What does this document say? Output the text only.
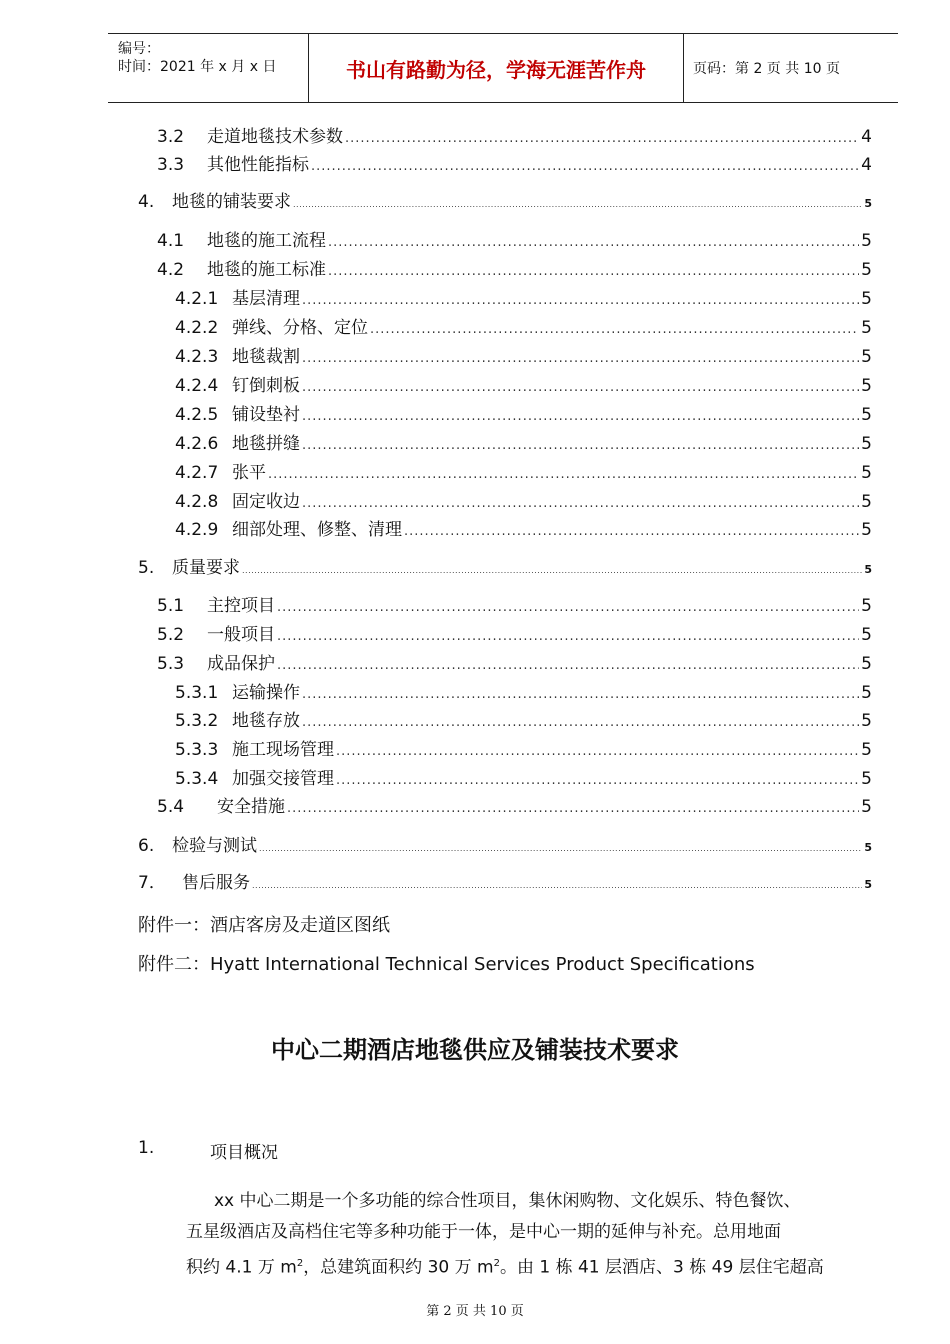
编号：
时间：2021 年 x 月 x 日	书山有路勤为径，学海无涯苦作舟	页码：第 2 页 共 10 页
3.2	走道地毯技术参数 .....	4
3.3	其他性能指标 .....	4
4.	地毯的铺装要求 .....	5
4.1	地毯的施工流程 .....	5
4.2	地毯的施工标准 .....	5
4.2.1 基层清理 .....	5
4.2.2 弹线、分格、定位 .....	5
4.2.3 地毯裁割 .....	5
4.2.4 钉倒刺板 .....	5
4.2.5 铺设垫衬 .....	5
4.2.6 地毯拼缝 .....	5
4.2.7 张平 .....	5
4.2.8 固定收边 .....	5
4.2.9 细部处理、修整、清理 .....	5
5.	质量要求 .....	5
5.1	主控项目 .....	5
5.2	一般项目 .....	5
5.3	成品保护 .....	5
5.3.1 运输操作 .....	5
5.3.2 地毯存放 .....	5
5.3.3 施工现场管理 .....	5
5.3.4 加强交接管理 .....	5
5.4	安全措施 .....	5
6.	检验与测试 .....	5
7． 售后服务 .....	5
附件一：酒店客房及走道区图纸
附件二：Hyatt International Technical Services Product Specifications
中心二期酒店地毯供应及铺装技术要求
1.	项目概况
xx 中心二期是一个多功能的综合性项目，集休闲购物、文化娱乐、特色餐饮、
五星级酒店及高档住宅等多种功能于一体，是中心一期的延伸与补充。总用地面
积约 4.1 万 $m^2$，总建筑面积约 30 万 $m^2$。由 1 栋 41 层酒店、3 栋 49 层住宅超高
第 2 页 共 10 页
